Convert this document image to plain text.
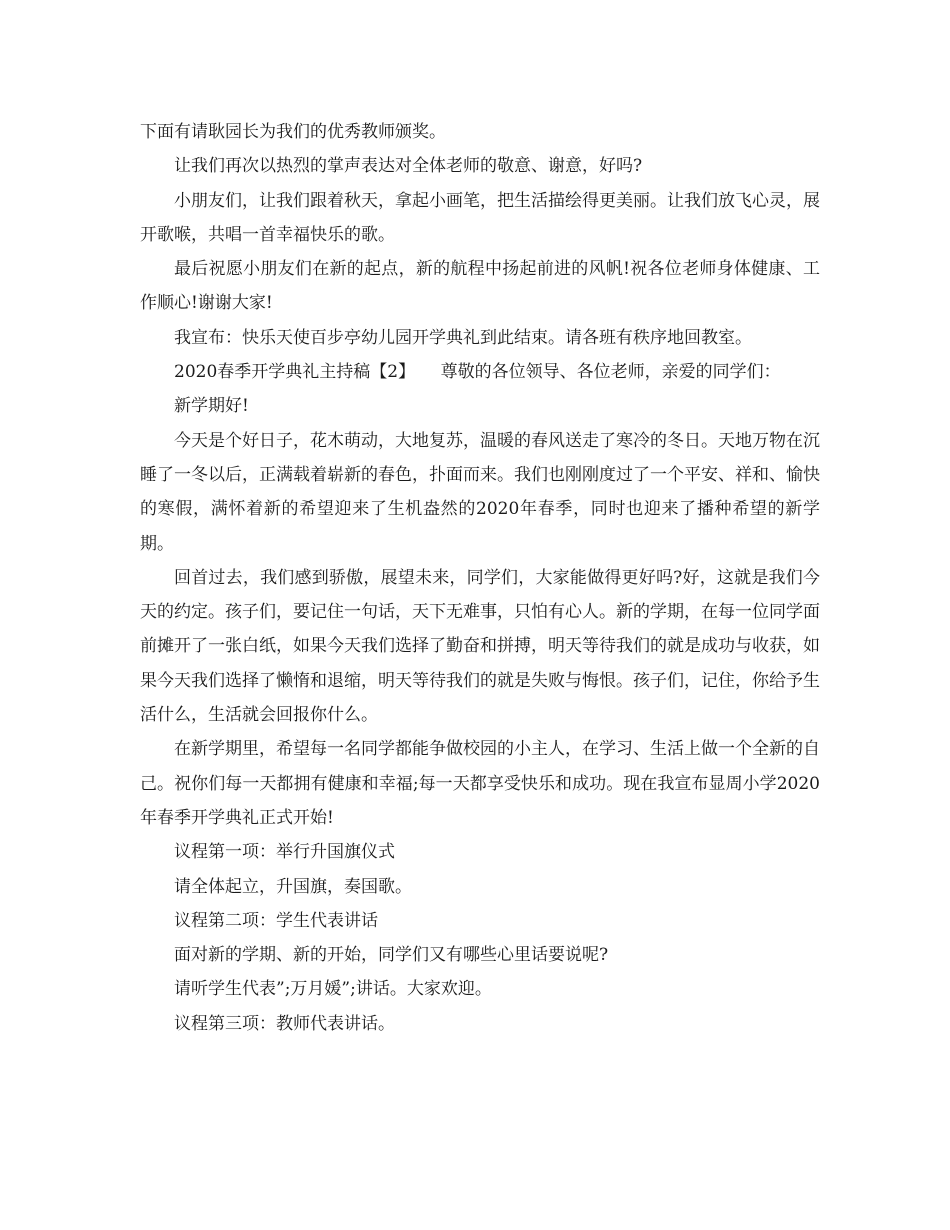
下面有请耿园长为我们的优秀教师颁奖。

让我们再次以热烈的掌声表达对全体老师的敬意、谢意，好吗?

小朋友们，让我们跟着秋天，拿起小画笔，把生活描绘得更美丽。让我们放飞心灵，展开歌喉，共唱一首幸福快乐的歌。

最后祝愿小朋友们在新的起点，新的航程中扬起前进的风帆!祝各位老师身体健康、工作顺心!谢谢大家!

我宣布：快乐天使百步亭幼儿园开学典礼到此结束。请各班有秩序地回教室。

2020春季开学典礼主持稿【2】　　尊敬的各位领导、各位老师，亲爱的同学们：

新学期好!

今天是个好日子，花木萌动，大地复苏，温暖的春风送走了寒冷的冬日。天地万物在沉睡了一冬以后，正满载着崭新的春色，扑面而来。我们也刚刚度过了一个平安、祥和、愉快的寒假，满怀着新的希望迎来了生机盎然的2020年春季，同时也迎来了播种希望的新学期。

回首过去，我们感到骄傲，展望未来，同学们，大家能做得更好吗?好，这就是我们今天的约定。孩子们，要记住一句话，天下无难事，只怕有心人。新的学期，在每一位同学面前摊开了一张白纸，如果今天我们选择了勤奋和拼搏，明天等待我们的就是成功与收获，如果今天我们选择了懒惰和退缩，明天等待我们的就是失败与悔恨。孩子们，记住，你给予生活什么，生活就会回报你什么。

在新学期里，希望每一名同学都能争做校园的小主人，在学习、生活上做一个全新的自己。祝你们每一天都拥有健康和幸福;每一天都享受快乐和成功。现在我宣布显周小学2020年春季开学典礼正式开始!

议程第一项：举行升国旗仪式

请全体起立，升国旗，奏国歌。

议程第二项：学生代表讲话

面对新的学期、新的开始，同学们又有哪些心里话要说呢?

请听学生代表”;万月媛”;讲话。大家欢迎。

议程第三项：教师代表讲话。
